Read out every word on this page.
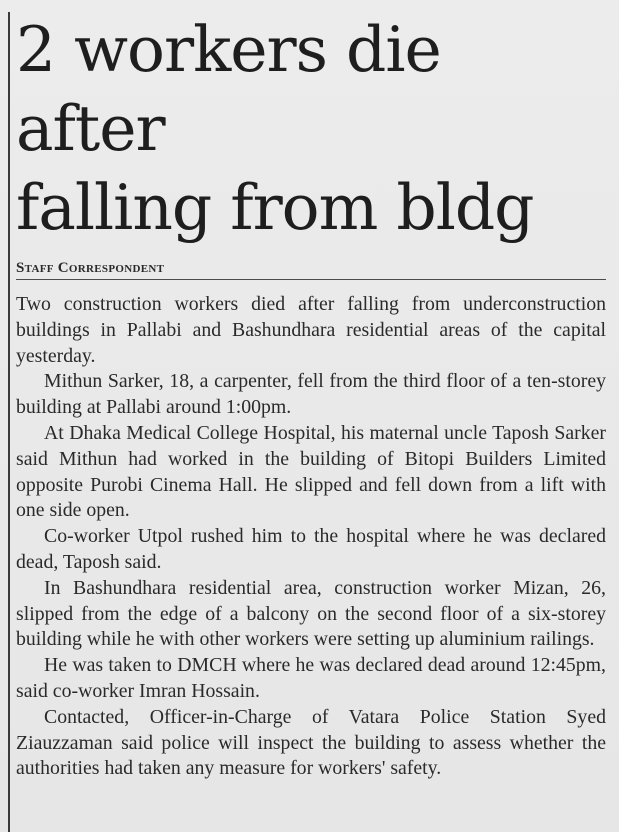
2 workers die after
falling from bldg
Staff Correspondent

Two construction workers died after falling from underconstruction buildings in Pallabi and Bashundhara residential areas of the capital yesterday.

Mithun Sarker, 18, a carpenter, fell from the third floor of a ten-storey building at Pallabi around 1:00pm.

At Dhaka Medical College Hospital, his maternal uncle Taposh Sarker said Mithun had worked in the building of Bitopi Builders Limited opposite Purobi Cinema Hall. He slipped and fell down from a lift with one side open.

Co-worker Utpol rushed him to the hospital where he was declared dead, Taposh said.

In Bashundhara residential area, construction worker Mizan, 26, slipped from the edge of a balcony on the second floor of a six-storey building while he with other workers were setting up aluminium railings.

He was taken to DMCH where he was declared dead around 12:45pm, said co-worker Imran Hossain.

Contacted, Officer-in-Charge of Vatara Police Station Syed Ziauzzaman said police will inspect the building to assess whether the authorities had taken any measure for workers' safety.
